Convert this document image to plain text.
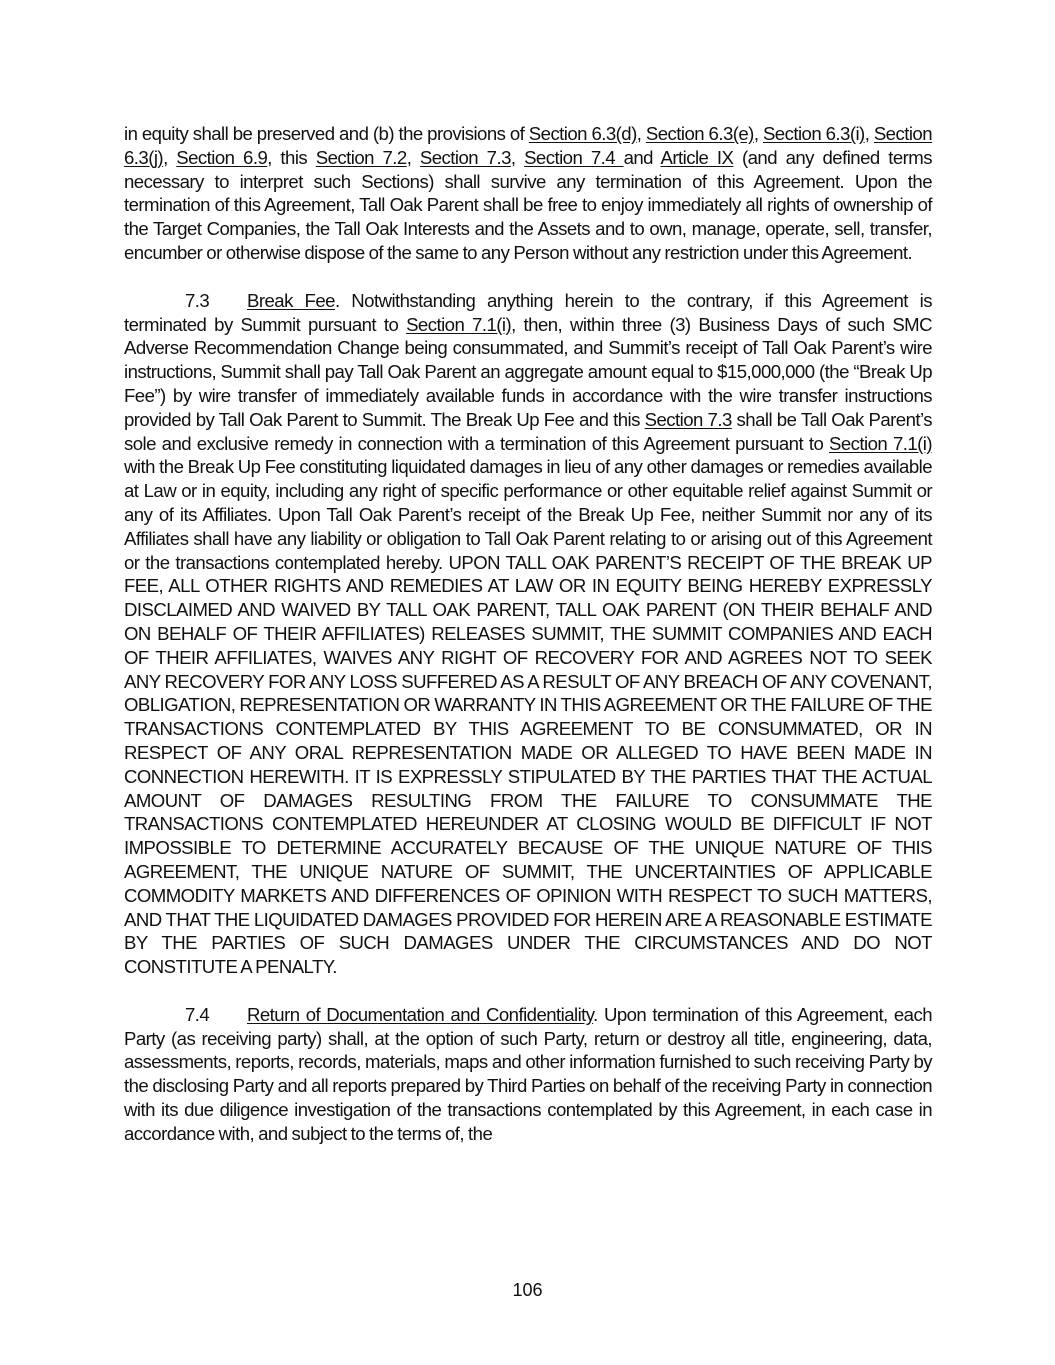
in equity shall be preserved and (b) the provisions of Section 6.3(d), Section 6.3(e), Section 6.3(i), Section 6.3(j), Section 6.9, this Section 7.2, Section 7.3, Section 7.4 and Article IX (and any defined terms necessary to interpret such Sections) shall survive any termination of this Agreement. Upon the termination of this Agreement, Tall Oak Parent shall be free to enjoy immediately all rights of ownership of the Target Companies, the Tall Oak Interests and the Assets and to own, manage, operate, sell, transfer, encumber or otherwise dispose of the same to any Person without any restriction under this Agreement.

7.3 Break Fee. Notwithstanding anything herein to the contrary, if this Agreement is terminated by Summit pursuant to Section 7.1(i), then, within three (3) Business Days of such SMC Adverse Recommendation Change being consummated, and Summit’s receipt of Tall Oak Parent’s wire instructions, Summit shall pay Tall Oak Parent an aggregate amount equal to $15,000,000 (the “Break Up Fee”) by wire transfer of immediately available funds in accordance with the wire transfer instructions provided by Tall Oak Parent to Summit. The Break Up Fee and this Section 7.3 shall be Tall Oak Parent’s sole and exclusive remedy in connection with a termination of this Agreement pursuant to Section 7.1(i) with the Break Up Fee constituting liquidated damages in lieu of any other damages or remedies available at Law or in equity, including any right of specific performance or other equitable relief against Summit or any of its Affiliates. Upon Tall Oak Parent’s receipt of the Break Up Fee, neither Summit nor any of its Affiliates shall have any liability or obligation to Tall Oak Parent relating to or arising out of this Agreement or the transactions contemplated hereby. UPON TALL OAK PARENT’S RECEIPT OF THE BREAK UP FEE, ALL OTHER RIGHTS AND REMEDIES AT LAW OR IN EQUITY BEING HEREBY EXPRESSLY DISCLAIMED AND WAIVED BY TALL OAK PARENT, TALL OAK PARENT (ON THEIR BEHALF AND ON BEHALF OF THEIR AFFILIATES) RELEASES SUMMIT, THE SUMMIT COMPANIES AND EACH OF THEIR AFFILIATES, WAIVES ANY RIGHT OF RECOVERY FOR AND AGREES NOT TO SEEK ANY RECOVERY FOR ANY LOSS SUFFERED AS A RESULT OF ANY BREACH OF ANY COVENANT, OBLIGATION, REPRESENTATION OR WARRANTY IN THIS AGREEMENT OR THE FAILURE OF THE TRANSACTIONS CONTEMPLATED BY THIS AGREEMENT TO BE CONSUMMATED, OR IN RESPECT OF ANY ORAL REPRESENTATION MADE OR ALLEGED TO HAVE BEEN MADE IN CONNECTION HEREWITH. IT IS EXPRESSLY STIPULATED BY THE PARTIES THAT THE ACTUAL AMOUNT OF DAMAGES RESULTING FROM THE FAILURE TO CONSUMMATE THE TRANSACTIONS CONTEMPLATED HEREUNDER AT CLOSING WOULD BE DIFFICULT IF NOT IMPOSSIBLE TO DETERMINE ACCURATELY BECAUSE OF THE UNIQUE NATURE OF THIS AGREEMENT, THE UNIQUE NATURE OF SUMMIT, THE UNCERTAINTIES OF APPLICABLE COMMODITY MARKETS AND DIFFERENCES OF OPINION WITH RESPECT TO SUCH MATTERS, AND THAT THE LIQUIDATED DAMAGES PROVIDED FOR HEREIN ARE A REASONABLE ESTIMATE BY THE PARTIES OF SUCH DAMAGES UNDER THE CIRCUMSTANCES AND DO NOT CONSTITUTE A PENALTY.

7.4 Return of Documentation and Confidentiality. Upon termination of this Agreement, each Party (as receiving party) shall, at the option of such Party, return or destroy all title, engineering, data, assessments, reports, records, materials, maps and other information furnished to such receiving Party by the disclosing Party and all reports prepared by Third Parties on behalf of the receiving Party in connection with its due diligence investigation of the transactions contemplated by this Agreement, in each case in accordance with, and subject to the terms of, the

106
